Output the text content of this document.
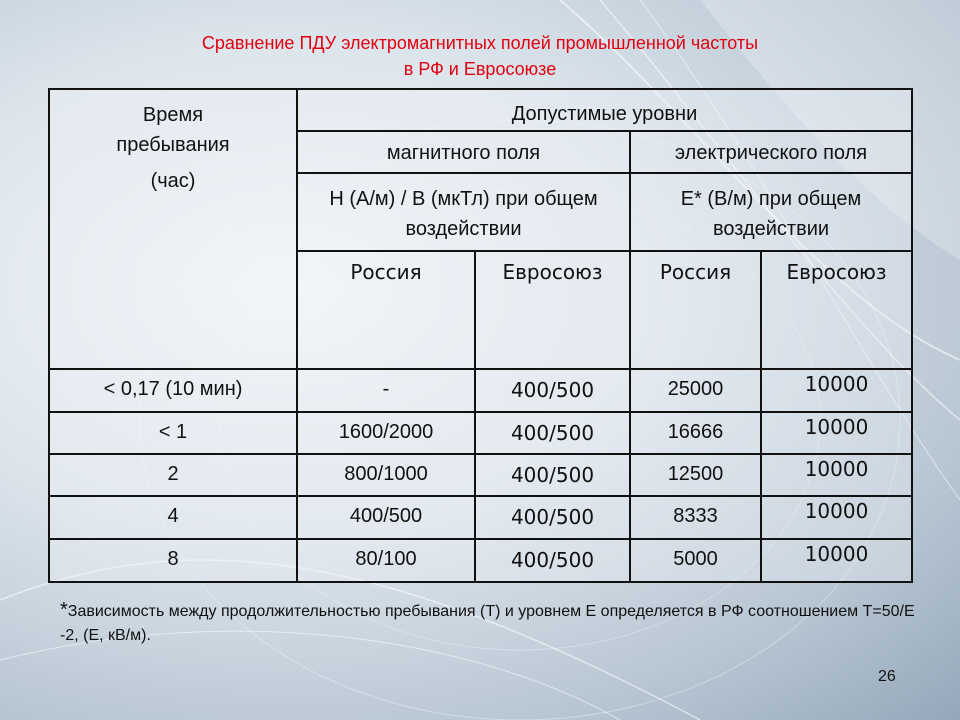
Сравнение ПДУ электромагнитных полей промышленной частоты
в РФ и Евросоюзе
Время
пребывания
(час)	Допустимые уровни			
	магнитного поля		электрического поля	
	Н (А/м) / В (мкТл) при общем воздействии		Е* (В/м) при общем воздействии	
	Россия	Евросоюз	Россия	Евросоюз
< 0,17 (10 мин)	-	400/500	25000	10000
< 1	1600/2000	400/500	16666	10000
2	800/1000	400/500	12500	10000
4	400/500	400/500	8333	10000
8	80/100	400/500	5000	10000
*Зависимость между продолжительностью пребывания (Т) и уровнем Е определяется в РФ соотношением Т=50/Е -2, (Е, кВ/м).
26
